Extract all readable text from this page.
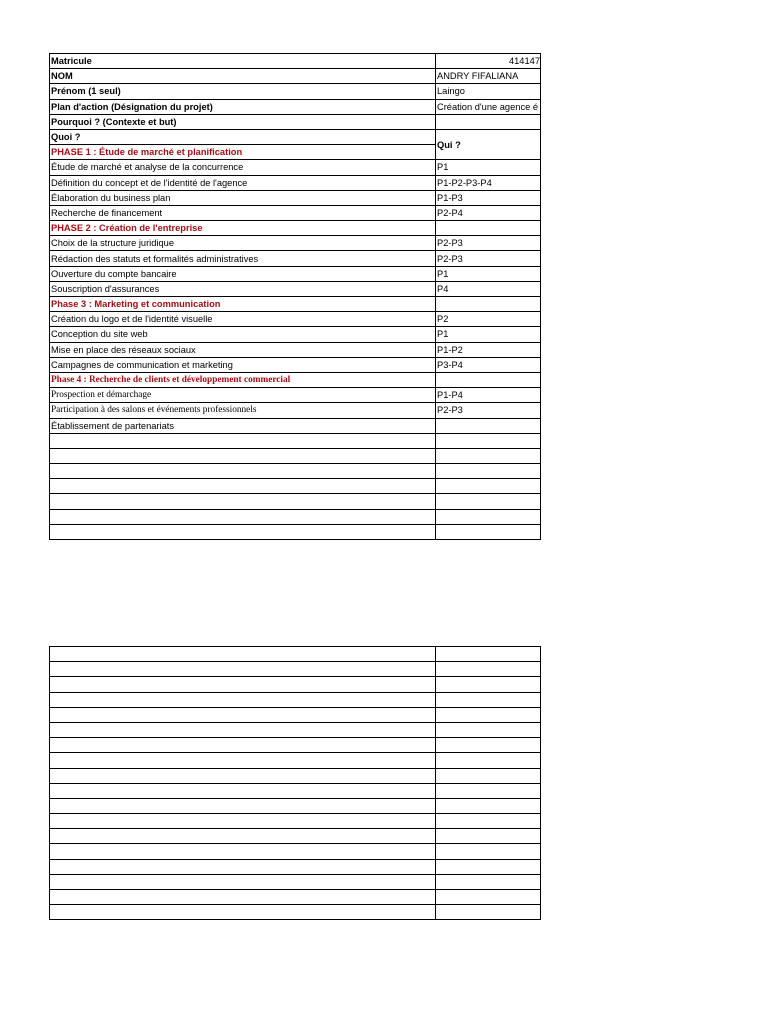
Matricule	414147
NOM	ANDRY FIFALIANA
Prénom (1 seul)	Laingo
Plan d'action (Désignation du projet)	Création d'une agence é
Pourquoi ? (Contexte et but)	
Quoi ?	Qui ?
PHASE 1 : Étude de marché et planification	
Étude de marché et analyse de la concurrence	P1
Définition du concept et de l'identité de l'agence	P1-P2-P3-P4
Élaboration du business plan	P1-P3
Recherche de financement	P2-P4
PHASE 2 : Création de l'entreprise	
Choix de la structure juridique	P2-P3
Rédaction des statuts et formalités administratives	P2-P3
Ouverture du compte bancaire	P1
Souscription d'assurances	P4
Phase 3 : Marketing et communication	
Création du logo et de l'identité visuelle	P2
Conception du site web	P1
Mise en place des réseaux sociaux	P1-P2
Campagnes de communication et marketing	P3-P4
Phase 4 : Recherche de clients et développement commercial	
Prospection et démarchage	P1-P4
Participation à des salons et événements professionnels	P2-P3
Établissement de partenariats	
